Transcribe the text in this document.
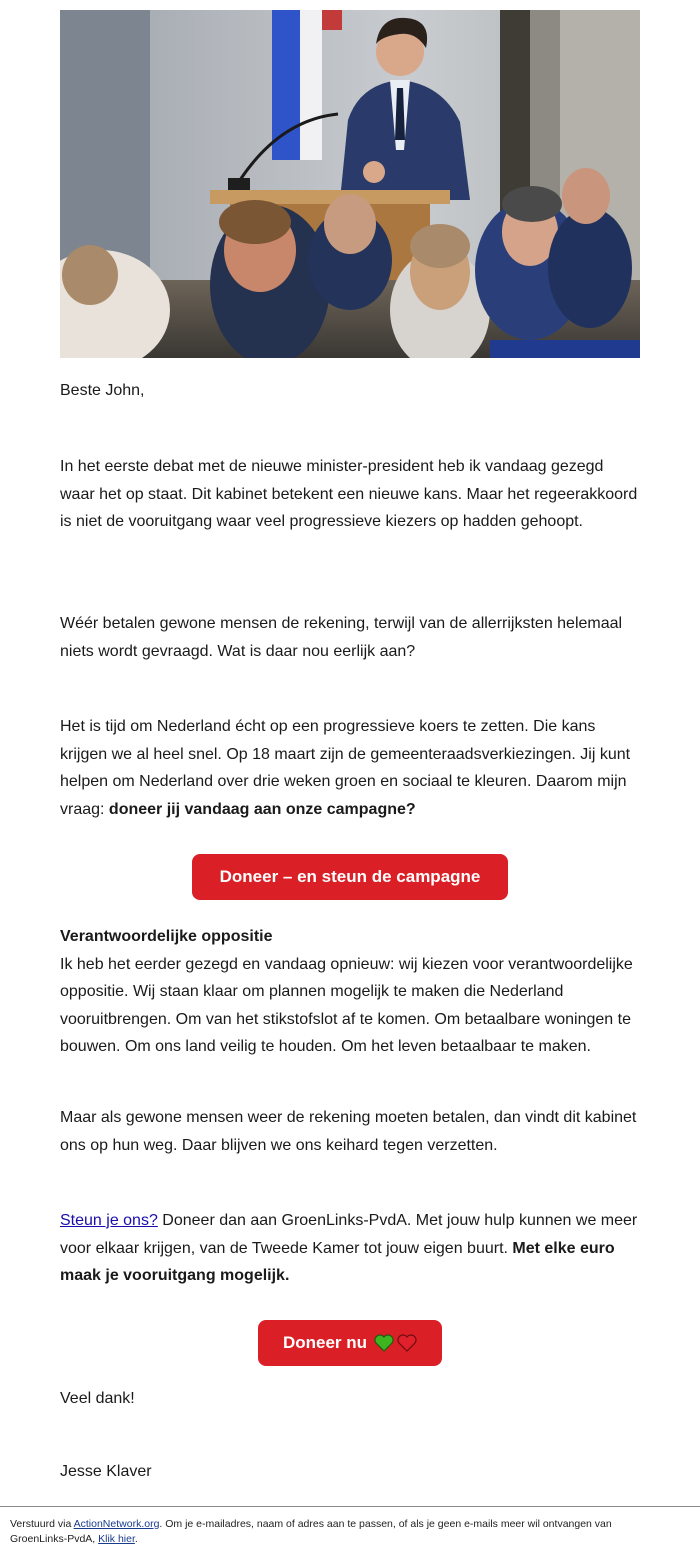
Beste John,

In het eerste debat met de nieuwe minister-president heb ik vandaag gezegd waar het op staat. Dit kabinet betekent een nieuwe kans. Maar het regeerakkoord is niet de vooruitgang waar veel progressieve kiezers op hadden gehoopt.

Wéér betalen gewone mensen de rekening, terwijl van de allerrijksten helemaal niets wordt gevraagd. Wat is daar nou eerlijk aan?

Het is tijd om Nederland écht op een progressieve koers te zetten. Die kans krijgen we al heel snel. Op 18 maart zijn de gemeenteraadsverkiezingen. Jij kunt helpen om Nederland over drie weken groen en sociaal te kleuren. Daarom mijn vraag: doneer jij vandaag aan onze campagne?

Doneer – en steun de campagne

Verantwoordelijke oppositie
Ik heb het eerder gezegd en vandaag opnieuw: wij kiezen voor verantwoordelijke oppositie. Wij staan klaar om plannen mogelijk te maken die Nederland vooruitbrengen. Om van het stikstofslot af te komen. Om betaalbare woningen te bouwen. Om ons land veilig te houden. Om het leven betaalbaar te maken.

Maar als gewone mensen weer de rekening moeten betalen, dan vindt dit kabinet ons op hun weg. Daar blijven we ons keihard tegen verzetten.

Steun je ons? Doneer dan aan GroenLinks-PvdA. Met jouw hulp kunnen we meer voor elkaar krijgen, van de Tweede Kamer tot jouw eigen buurt. Met elke euro maak je vooruitgang mogelijk.

Doneer nu

Veel dank!

Jesse Klaver

Verstuurd via ActionNetwork.org. Om je e-mailadres, naam of adres aan te passen, of als je geen e-mails meer wil ontvangen van GroenLinks-PvdA, Klik hier.
